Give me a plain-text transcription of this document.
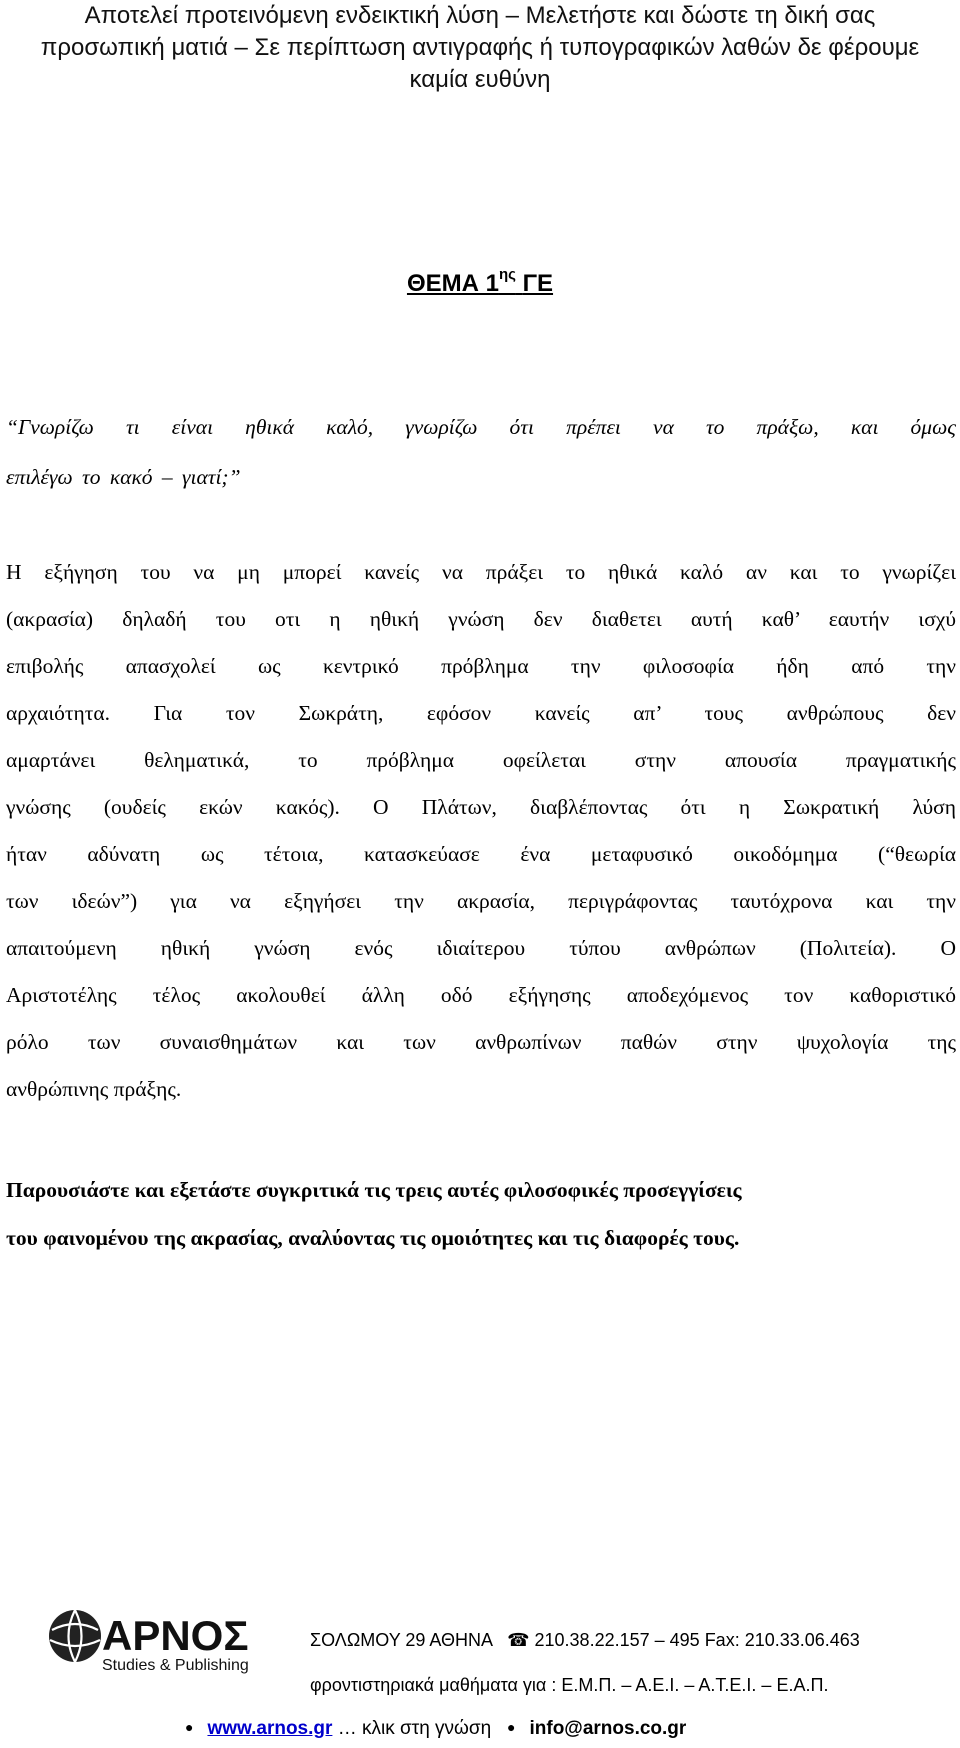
Αποτελεί προτεινόμενη ενδεικτική λύση – Μελετήστε και δώστε τη δική σας
προσωπική ματιά – Σε περίπτωση αντιγραφής ή τυπογραφικών λαθών δε φέρουμε
καμία ευθύνη
ΘΕΜΑ $1^{\eta\varsigma}$ ΓΕ
“Γνωρίζω τι είναι ηθικά καλό, γνωρίζω ότι πρέπει να το πράξω, και όμως
επιλέγω το κακό – γιατί;”
Η εξήγηση του να μη μπορεί κανείς να πράξει το ηθικά καλό αν και το γνωρίζει
(ακρασία) δηλαδή του οτι η ηθική γνώση δεν διαθετει αυτή καθ’ εαυτήν ισχύ
επιβολής απασχολεί ως κεντρικό πρόβλημα την φιλοσοφία ήδη από την
αρχαιότητα. Για τον Σωκράτη, εφόσον κανείς απ’ τους ανθρώπους δεν
αμαρτάνει θεληματικά, το πρόβλημα οφείλεται στην απουσία πραγματικής
γνώσης (ουδείς εκών κακός). Ο Πλάτων, διαβλέποντας ότι η Σωκρατική λύση
ήταν αδύνατη ως τέτοια, κατασκεύασε ένα μεταφυσικό οικοδόμημα (“θεωρία
των ιδεών”) για να εξηγήσει την ακρασία, περιγράφοντας ταυτόχρονα και την
απαιτούμενη ηθική γνώση ενός ιδιαίτερου τύπου ανθρώπων (Πολιτεία). Ο
Αριστοτέλης τέλος ακολουθεί άλλη οδό εξήγησης αποδεχόμενος τον καθοριστικό
ρόλο των συναισθημάτων και των ανθρωπίνων παθών στην ψυχολογία της
ανθρώπινης πράξης.
Παρουσιάστε και εξετάστε συγκριτικά τις τρεις αυτές φιλοσοφικές προσεγγίσεις
του φαινομένου της ακρασίας, αναλύοντας τις ομοιότητες και τις διαφορές τους.
ΑΡΝΟΣ
Studies & Publishing
ΣΟΛΩΜΟΥ 29 ΑΘΗΝΑ ☎ 210.38.22.157 – 495 Fax: 210.33.06.463
φροντιστηριακά μαθήματα για : Ε.Μ.Π. – Α.Ε.Ι. – Α.Τ.Ε.Ι. – Ε.Α.Π.
● www.arnos.gr … κλικ στη γνώση ● info@arnos.co.gr
